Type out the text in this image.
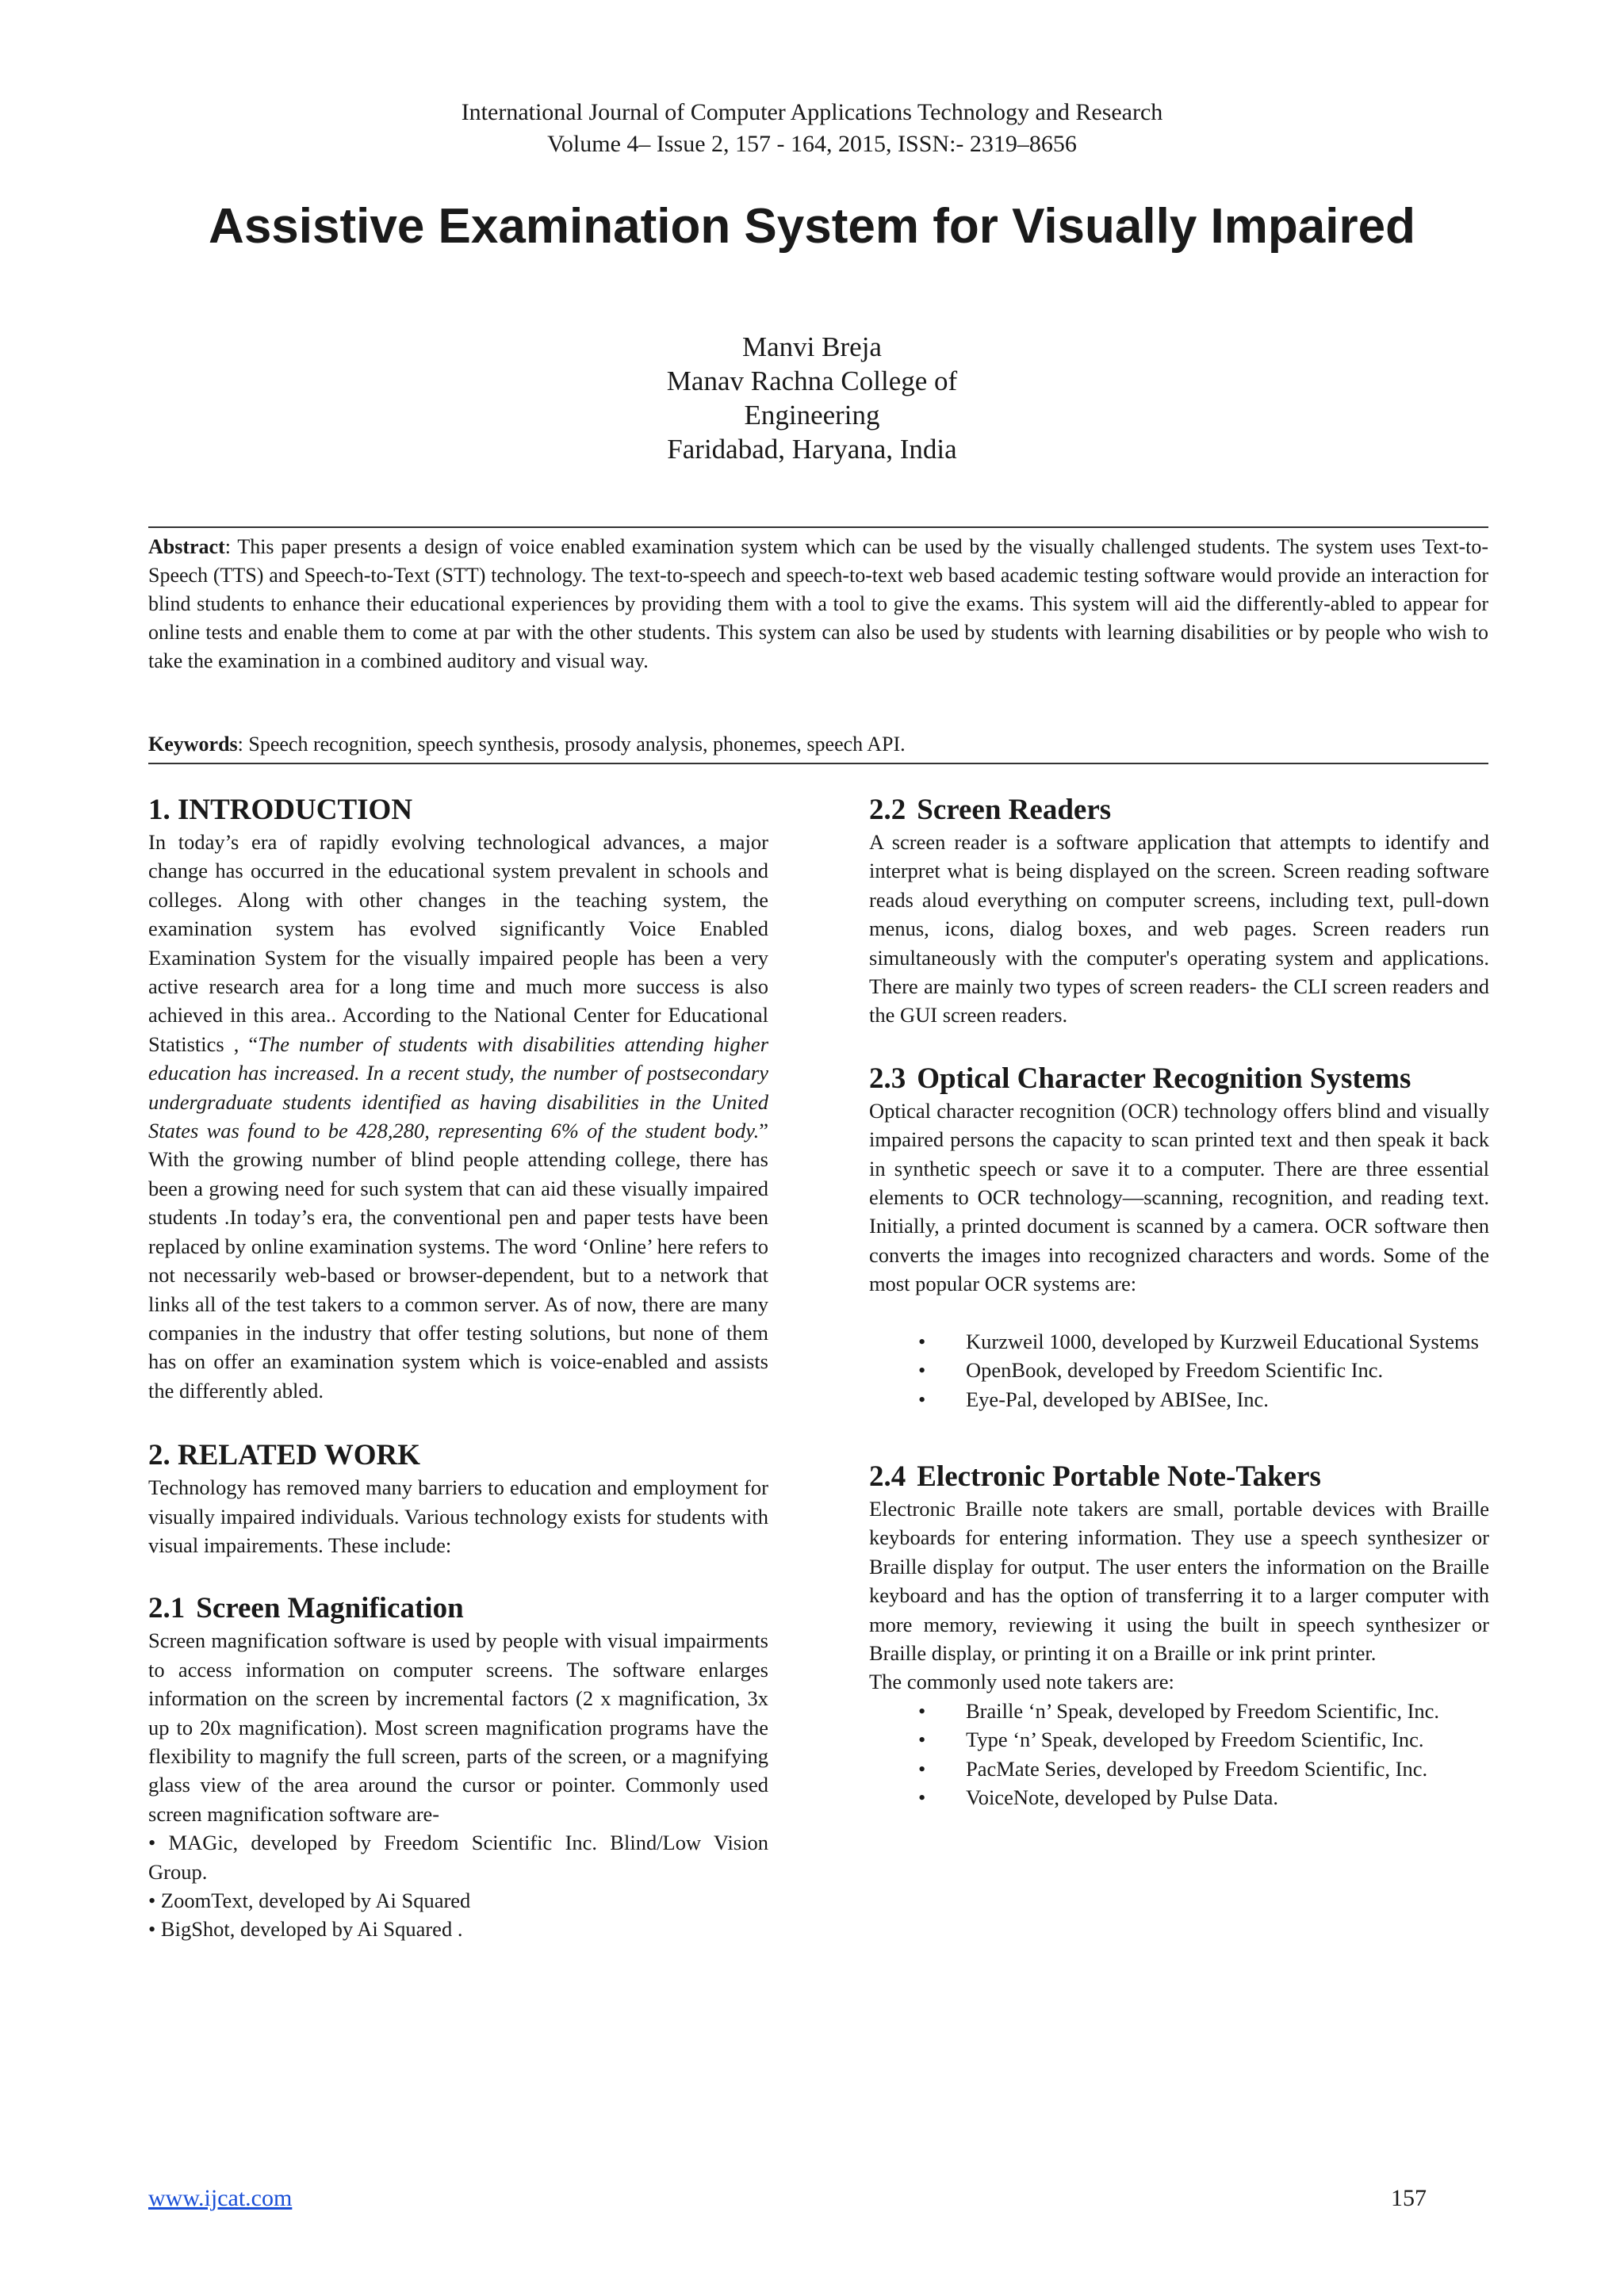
International Journal of Computer Applications Technology and Research
Volume 4– Issue 2, 157 - 164, 2015, ISSN:- 2319–8656
Assistive Examination System for Visually Impaired
Manvi Breja
Manav Rachna College of
Engineering
Faridabad, Haryana, India
Abstract: This paper presents a design of voice enabled examination system which can be used by the visually challenged students. The system uses Text-to-Speech (TTS) and Speech-to-Text (STT) technology. The text-to-speech and speech-to-text web based academic testing software would provide an interaction for blind students to enhance their educational experiences by providing them with a tool to give the exams. This system will aid the differently-abled to appear for online tests and enable them to come at par with the other students. This system can also be used by students with learning disabilities or by people who wish to take the examination in a combined auditory and visual way.
Keywords: Speech recognition, speech synthesis, prosody analysis, phonemes, speech API.
1. INTRODUCTION

In today’s era of rapidly evolving technological advances, a major change has occurred in the educational system prevalent in schools and colleges. Along with other changes in the teaching system, the examination system has evolved significantly Voice Enabled Examination System for the visually impaired people has been a very active research area for a long time and much more success is also achieved in this area.. According to the National Center for Educational Statistics , “The number of students with disabilities attending higher education has increased. In a recent study, the number of postsecondary undergraduate students identified as having disabilities in the United States was found to be 428,280, representing 6% of the student body.” With the growing number of blind people attending college, there has been a growing need for such system that can aid these visually impaired students .In today’s era, the conventional pen and paper tests have been replaced by online examination systems. The word ‘Online’ here refers to not necessarily web-based or browser-dependent, but to a network that links all of the test takers to a common server. As of now, there are many companies in the industry that offer testing solutions, but none of them has on offer an examination system which is voice-enabled and assists the differently abled.

2. RELATED WORK

Technology has removed many barriers to education and employment for visually impaired individuals. Various technology exists for students with visual impairements. These include:

2.1 Screen Magnification

Screen magnification software is used by people with visual impairments to access information on computer screens. The software enlarges information on the screen by incremental factors (2 x magnification, 3x up to 20x magnification). Most screen magnification programs have the flexibility to magnify the full screen, parts of the screen, or a magnifying glass view of the area around the cursor or pointer. Commonly used screen magnification software are-

• MAGic, developed by Freedom Scientific Inc. Blind/Low Vision Group.
• ZoomText, developed by Ai Squared
• BigShot, developed by Ai Squared .
2.2 Screen Readers

A screen reader is a software application that attempts to identify and interpret what is being displayed on the screen. Screen reading software reads aloud everything on computer screens, including text, pull-down menus, icons, dialog boxes, and web pages. Screen readers run simultaneously with the computer's operating system and applications. There are mainly two types of screen readers- the CLI screen readers and the GUI screen readers.

2.3 Optical Character Recognition Systems

Optical character recognition (OCR) technology offers blind and visually impaired persons the capacity to scan printed text and then speak it back in synthetic speech or save it to a computer. There are three essential elements to OCR technology—scanning, recognition, and reading text. Initially, a printed document is scanned by a camera. OCR software then converts the images into recognized characters and words. Some of the most popular OCR systems are:

• Kurzweil 1000, developed by Kurzweil Educational Systems
• OpenBook, developed by Freedom Scientific Inc.
• Eye-Pal, developed by ABISee, Inc.
2.4 Electronic Portable Note-Takers

Electronic Braille note takers are small, portable devices with Braille keyboards for entering information. They use a speech synthesizer or Braille display for output. The user enters the information on the Braille keyboard and has the option of transferring it to a larger computer with more memory, reviewing it using the built in speech synthesizer or Braille display, or printing it on a Braille or ink print printer.

The commonly used note takers are:

• Braille ‘n’ Speak, developed by Freedom Scientific, Inc.
• Type ‘n’ Speak, developed by Freedom Scientific, Inc.
• PacMate Series, developed by Freedom Scientific, Inc.
• VoiceNote, developed by Pulse Data.
www.ijcat.com	157
